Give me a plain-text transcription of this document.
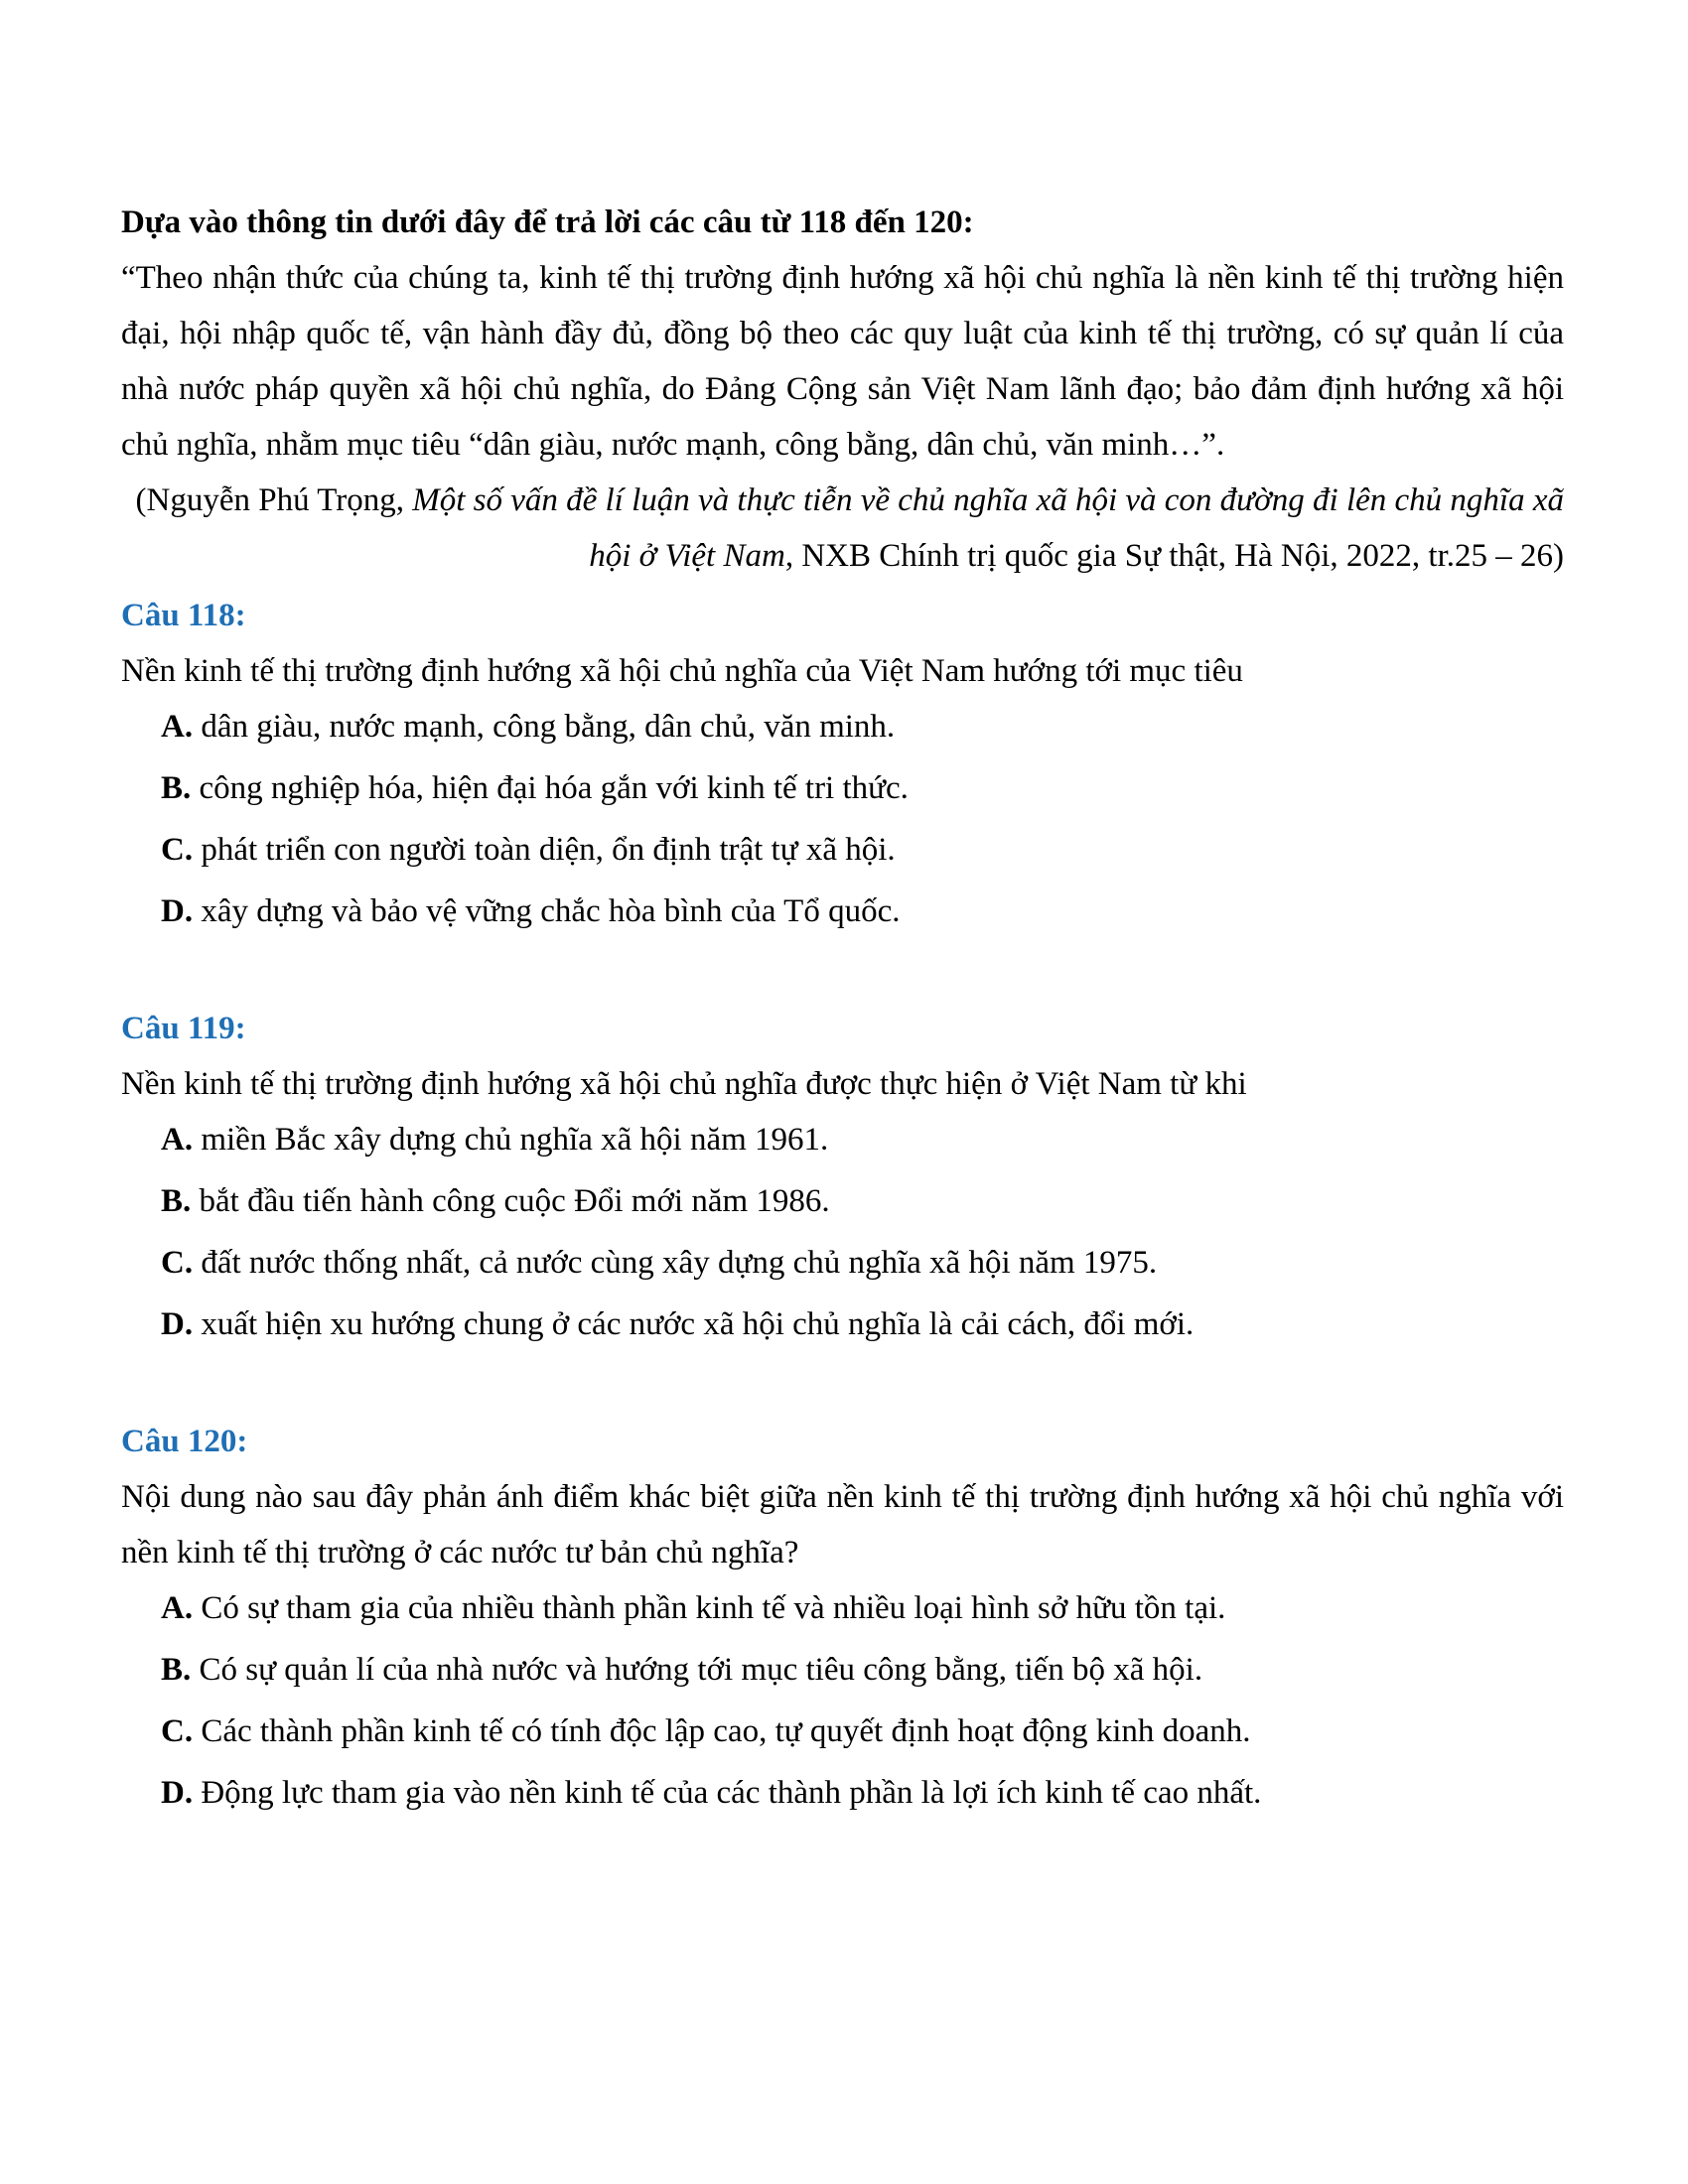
Dựa vào thông tin dưới đây để trả lời các câu từ 118 đến 120:

“Theo nhận thức của chúng ta, kinh tế thị trường định hướng xã hội chủ nghĩa là nền kinh tế thị trường hiện đại, hội nhập quốc tế, vận hành đầy đủ, đồng bộ theo các quy luật của kinh tế thị trường, có sự quản lí của nhà nước pháp quyền xã hội chủ nghĩa, do Đảng Cộng sản Việt Nam lãnh đạo; bảo đảm định hướng xã hội chủ nghĩa, nhằm mục tiêu “dân giàu, nước mạnh, công bằng, dân chủ, văn minh…”.

(Nguyễn Phú Trọng, Một số vấn đề lí luận và thực tiễn về chủ nghĩa xã hội và con đường đi lên chủ nghĩa xã hội ở Việt Nam, NXB Chính trị quốc gia Sự thật, Hà Nội, 2022, tr.25 – 26)

Câu 118:

Nền kinh tế thị trường định hướng xã hội chủ nghĩa của Việt Nam hướng tới mục tiêu

A. dân giàu, nước mạnh, công bằng, dân chủ, văn minh.

B. công nghiệp hóa, hiện đại hóa gắn với kinh tế tri thức.

C. phát triển con người toàn diện, ổn định trật tự xã hội.

D. xây dựng và bảo vệ vững chắc hòa bình của Tổ quốc.

Câu 119:

Nền kinh tế thị trường định hướng xã hội chủ nghĩa được thực hiện ở Việt Nam từ khi

A. miền Bắc xây dựng chủ nghĩa xã hội năm 1961.

B. bắt đầu tiến hành công cuộc Đổi mới năm 1986.

C. đất nước thống nhất, cả nước cùng xây dựng chủ nghĩa xã hội năm 1975.

D. xuất hiện xu hướng chung ở các nước xã hội chủ nghĩa là cải cách, đổi mới.

Câu 120:

Nội dung nào sau đây phản ánh điểm khác biệt giữa nền kinh tế thị trường định hướng xã hội chủ nghĩa với nền kinh tế thị trường ở các nước tư bản chủ nghĩa?

A. Có sự tham gia của nhiều thành phần kinh tế và nhiều loại hình sở hữu tồn tại.

B. Có sự quản lí của nhà nước và hướng tới mục tiêu công bằng, tiến bộ xã hội.

C. Các thành phần kinh tế có tính độc lập cao, tự quyết định hoạt động kinh doanh.

D. Động lực tham gia vào nền kinh tế của các thành phần là lợi ích kinh tế cao nhất.
